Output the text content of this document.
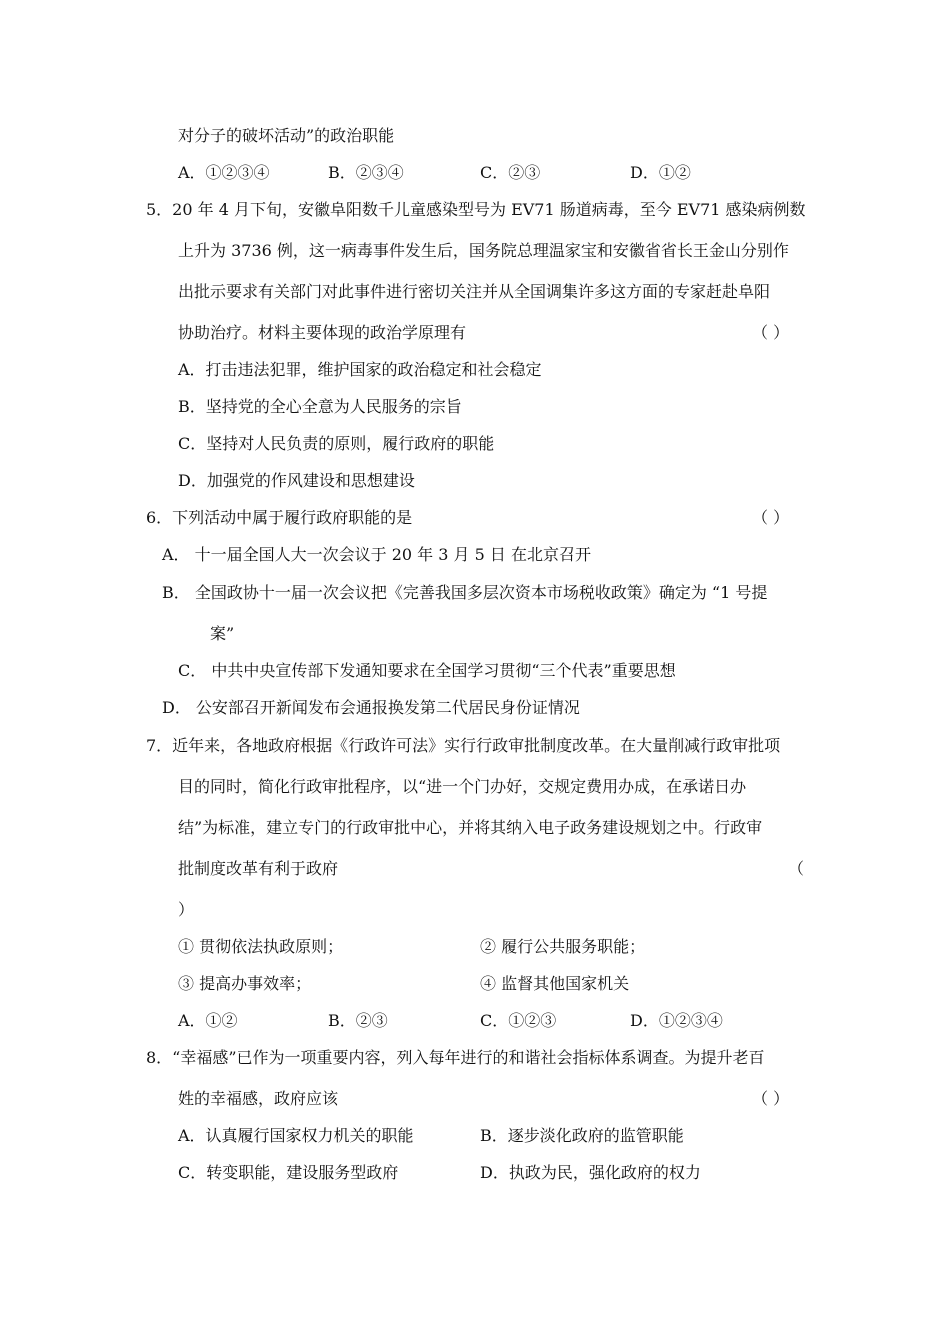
对分子的破坏活动”的政治职能
A．①②③④	B．②③④	C．②③	D．①②
5．20 年 4 月下旬，安徽阜阳数千儿童感染型号为 EV71 肠道病毒，至今 EV71 感染病例数
上升为 3736 例，这一病毒事件发生后，国务院总理温家宝和安徽省省长王金山分别作
出批示要求有关部门对此事件进行密切关注并从全国调集许多这方面的专家赶赴阜阳
协助治疗。材料主要体现的政治学原理有	（ ）
A．打击违法犯罪，维护国家的政治稳定和社会稳定
B．坚持党的全心全意为人民服务的宗旨
C．坚持对人民负责的原则，履行政府的职能
D．加强党的作风建设和思想建设
6．下列活动中属于履行政府职能的是	（ ）
A． 十一届全国人大一次会议于 20 年 3 月 5 日 在北京召开
B． 全国政协十一届一次会议把《完善我国多层次资本市场税收政策》确定为 “1 号提
案”
C． 中共中央宣传部下发通知要求在全国学习贯彻“三个代表”重要思想
D． 公安部召开新闻发布会通报换发第二代居民身份证情况
7．近年来，各地政府根据《行政许可法》实行行政审批制度改革。在大量削减行政审批项
目的同时，简化行政审批程序，以“进一个门办好，交规定费用办成，在承诺日办
结”为标准，建立专门的行政审批中心，并将其纳入电子政务建设规划之中。行政审
批制度改革有利于政府	（
）
① 贯彻依法执政原则；	② 履行公共服务职能；
③ 提高办事效率；	④ 监督其他国家机关
A．①②	B．②③	C．①②③	D．①②③④
8．“幸福感”已作为一项重要内容，列入每年进行的和谐社会指标体系调查。为提升老百
姓的幸福感，政府应该	（ ）
A．认真履行国家权力机关的职能	B．逐步淡化政府的监管职能
C．转变职能，建设服务型政府	D．执政为民，强化政府的权力
